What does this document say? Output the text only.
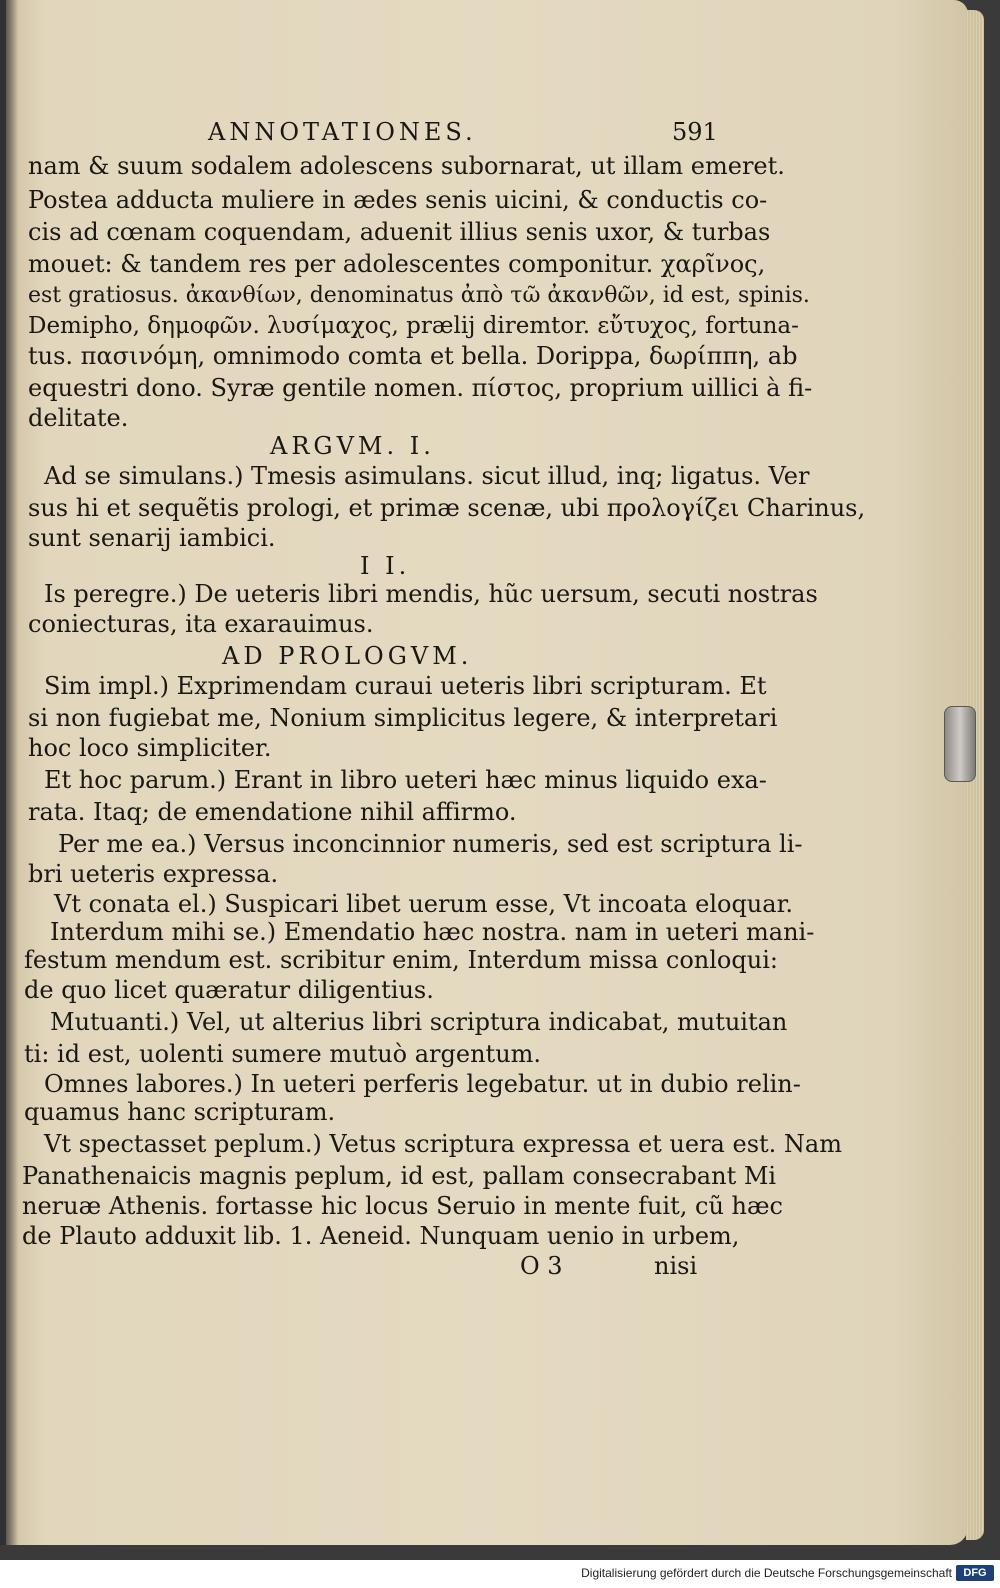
ANNOTATIONES.	591

nam & suum sodalem adolescens subornarat, ut illam emeret.

Postea adducta muliere in ædes senis uicini, & conductis co-

cis ad cœnam coquendam, aduenit illius senis uxor, & turbas

mouet: & tandem res per adolescentes componitur. χαρῖνος,

est gratiosus. ἀκανθίων, denominatus ἀπὸ τῶ ἀκανθῶν, id est, spinis.

Demipho, δημοφῶν. λυσίμαχος, prælij diremtor. εὔτυχος, fortuna-

tus. πασινόμη, omnimodo comta et bella. Dorippa, δωρίππη, ab

equestri dono. Syræ gentile nomen. πίστος, proprium uillici à fi-

delitate.

ARGVM. I.

Ad se simulans.) Tmesis asimulans. sicut illud, inq; ligatus. Ver

sus hi et sequẽtis prologi, et primæ scenæ, ubi προλογίζει Charinus,

sunt senarij iambici.

I I.

Is peregre.) De ueteris libri mendis, hũc uersum, secuti nostras

coniecturas, ita exarauimus.

AD PROLOGVM.

Sim impl.) Exprimendam curaui ueteris libri scripturam. Et

si non fugiebat me, Nonium simplicitus legere, & interpretari

hoc loco simpliciter.

Et hoc parum.) Erant in libro ueteri hæc minus liquido exa-

rata. Itaq; de emendatione nihil affirmo.

Per me ea.) Versus inconcinnior numeris, sed est scriptura li-

bri ueteris expressa.

Vt conata el.) Suspicari libet uerum esse, Vt incoata eloquar.

Interdum mihi se.) Emendatio hæc nostra. nam in ueteri mani-

festum mendum est. scribitur enim, Interdum missa conloqui:

de quo licet quæratur diligentius.

Mutuanti.) Vel, ut alterius libri scriptura indicabat, mutuitan

ti: id est, uolenti sumere mutuò argentum.

Omnes labores.) In ueteri perferis legebatur. ut in dubio relin-

quamus hanc scripturam.

Vt spectasset peplum.) Vetus scriptura expressa et uera est. Nam

Panathenaicis magnis peplum, id est, pallam consecrabant Mi

neruæ Athenis. fortasse hic locus Seruio in mente fuit, cũ hæc

de Plauto adduxit lib. 1. Aeneid. Nunquam uenio in urbem,

O 3	nisi

Digitalisierung gefördert durch die Deutsche Forschungsgemeinschaft	DFG
